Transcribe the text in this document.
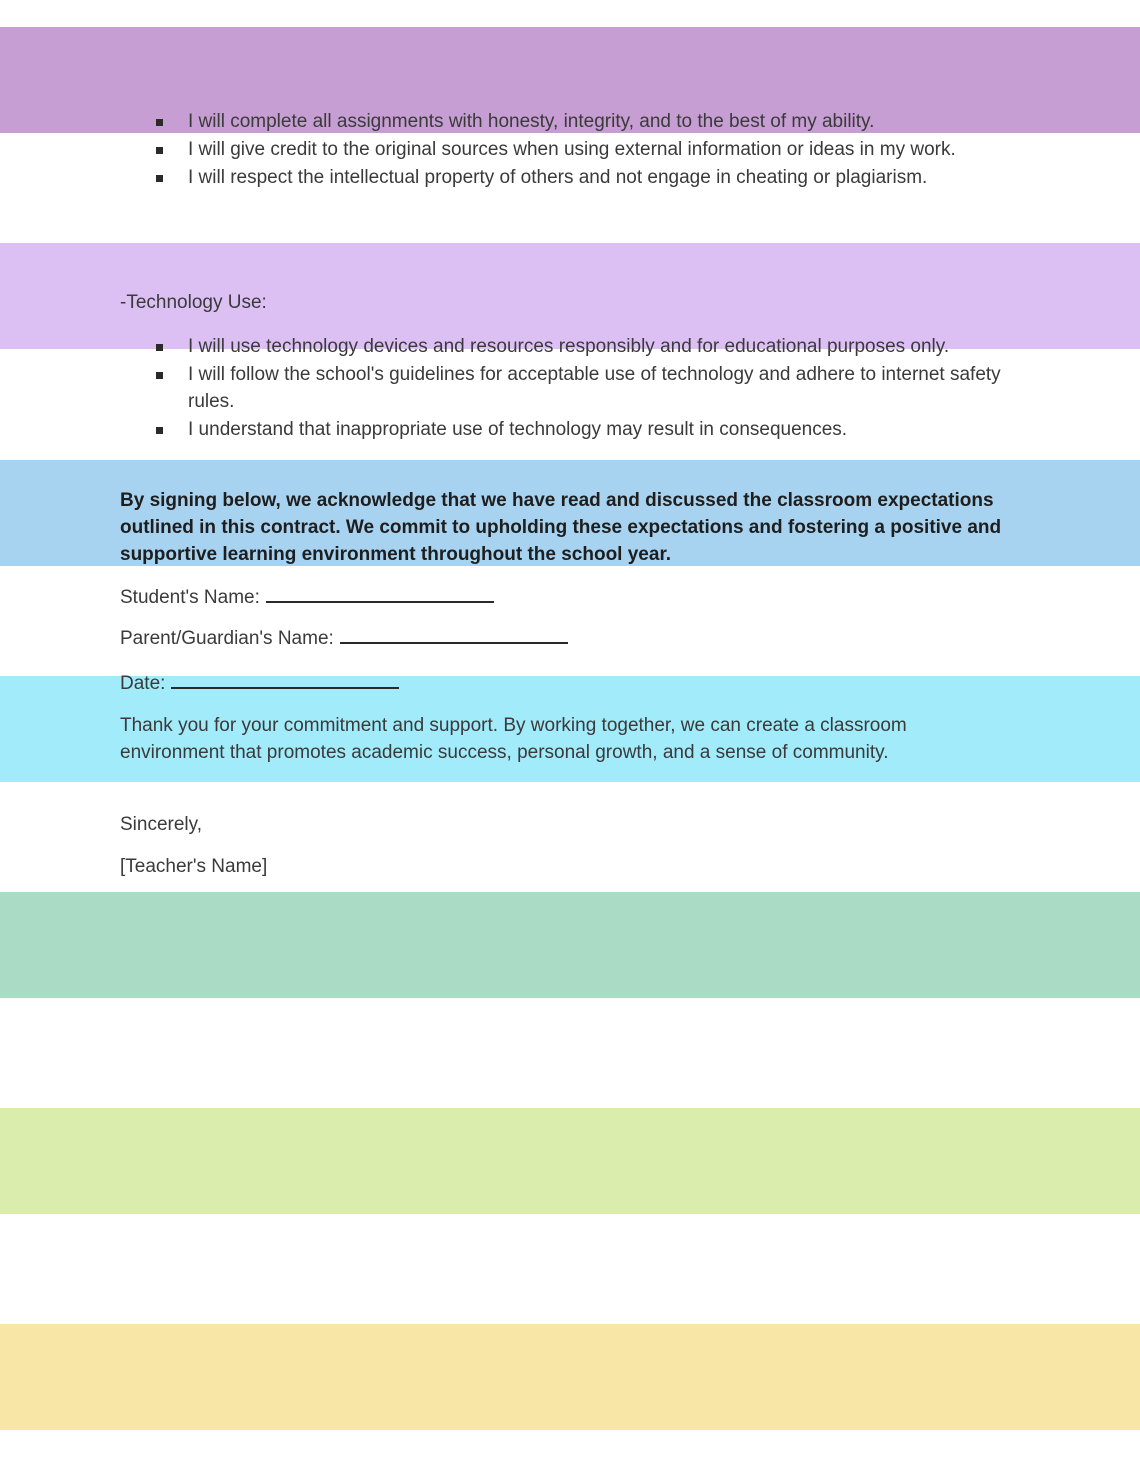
I will complete all assignments with honesty, integrity, and to the best of my ability.
I will give credit to the original sources when using external information or ideas in my work.
I will respect the intellectual property of others and not engage in cheating or plagiarism.

-Technology Use:

I will use technology devices and resources responsibly and for educational purposes only.
I will follow the school's guidelines for acceptable use of technology and adhere to internet safety rules.
I understand that inappropriate use of technology may result in consequences.

By signing below, we acknowledge that we have read and discussed the classroom expectations outlined in this contract. We commit to upholding these expectations and fostering a positive and supportive learning environment throughout the school year.

Student's Name:

Parent/Guardian's Name:

Date:

Thank you for your commitment and support. By working together, we can create a classroom environment that promotes academic success, personal growth, and a sense of community.

Sincerely,

[Teacher's Name]
